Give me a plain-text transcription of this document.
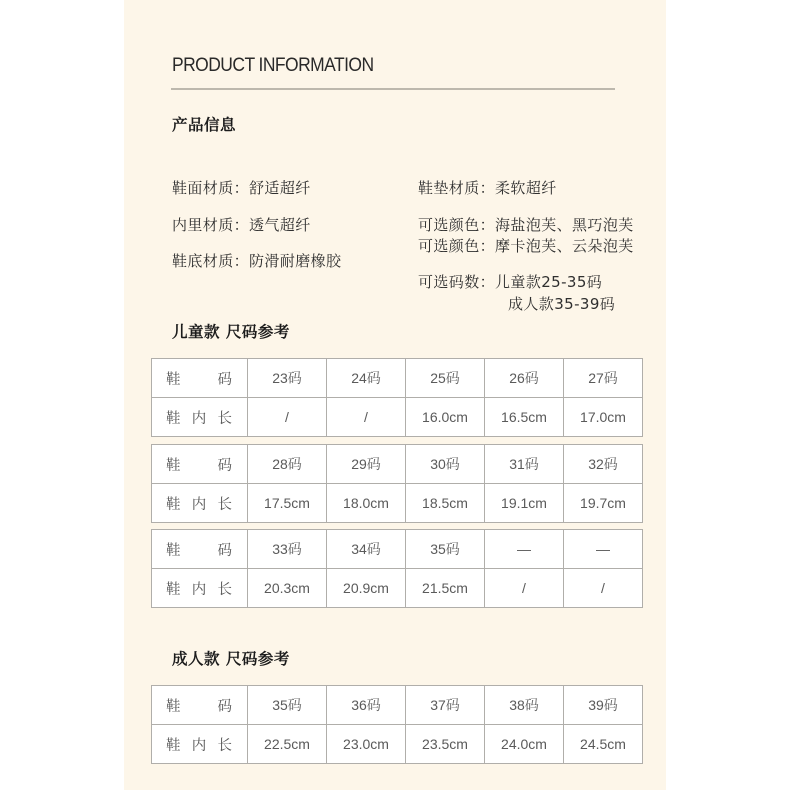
PRODUCT INFORMATION
产品信息
鞋面材质：舒适超纤
内里材质：透气超纤
鞋底材质：防滑耐磨橡胶
鞋垫材质：柔软超纤
可选颜色：海盐泡芙、黑巧泡芙
可选颜色：摩卡泡芙、云朵泡芙
可选码数：儿童款25-35码
成人款35-39码
儿童款 尺码参考
鞋 码	23码	24码	25码	26码	27码

鞋 内 长	/	/	16.0cm	16.5cm	17.0cm
鞋 码	28码	29码	30码	31码	32码

鞋 内 长	17.5cm	18.0cm	18.5cm	19.1cm	19.7cm
鞋 码	33码	34码	35码	—	—

鞋 内 长	20.3cm	20.9cm	21.5cm	/	/
成人款 尺码参考
鞋 码	35码	36码	37码	38码	39码

鞋 内 长	22.5cm	23.0cm	23.5cm	24.0cm	24.5cm
